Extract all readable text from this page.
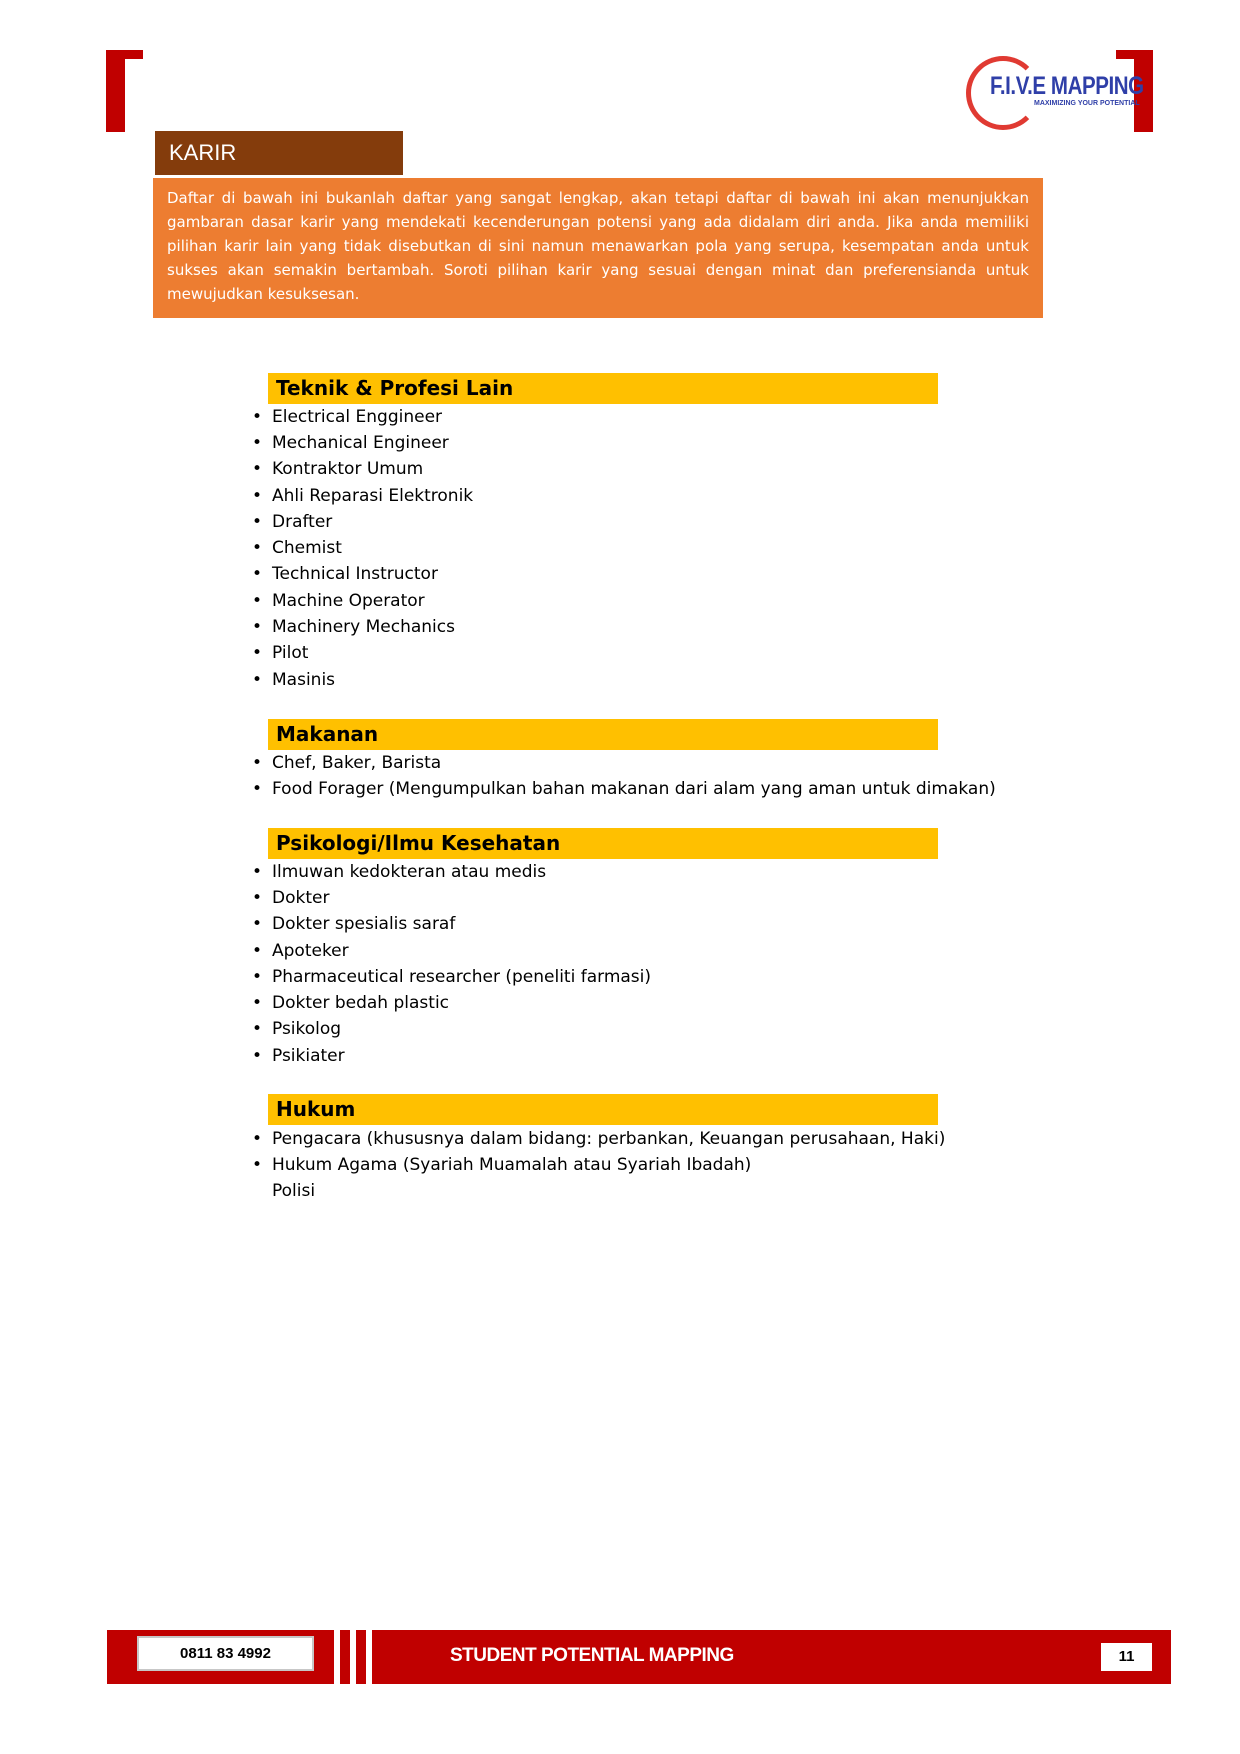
F.I.V.E MAPPING
MAXIMIZING YOUR POTENTIAL
KARIR
Daftar di bawah ini bukanlah daftar yang sangat lengkap, akan tetapi daftar di bawah ini akan menunjukkan gambaran dasar karir yang mendekati kecenderungan potensi yang ada didalam diri anda. Jika anda memiliki pilihan karir lain yang tidak disebutkan di sini namun menawarkan pola yang serupa, kesempatan anda untuk sukses akan semakin bertambah. Soroti pilihan karir yang sesuai dengan minat dan preferensianda untuk mewujudkan kesuksesan.
Teknik & Profesi Lain
• Electrical Enggineer
• Mechanical Engineer
• Kontraktor Umum
• Ahli Reparasi Elektronik
• Drafter
• Chemist
• Technical Instructor
• Machine Operator
• Machinery Mechanics
• Pilot
• Masinis
Makanan
• Chef, Baker, Barista
• Food Forager (Mengumpulkan bahan makanan dari alam yang aman untuk dimakan)
Psikologi/Ilmu Kesehatan
• Ilmuwan kedokteran atau medis
• Dokter
• Dokter spesialis saraf
• Apoteker
• Pharmaceutical researcher (peneliti farmasi)
• Dokter bedah plastic
• Psikolog
• Psikiater
Hukum
• Pengacara (khususnya dalam bidang: perbankan, Keuangan perusahaan, Haki)
• Hukum Agama (Syariah Muamalah atau Syariah Ibadah)
Polisi
0811 83 4992	STUDENT POTENTIAL MAPPING	11
